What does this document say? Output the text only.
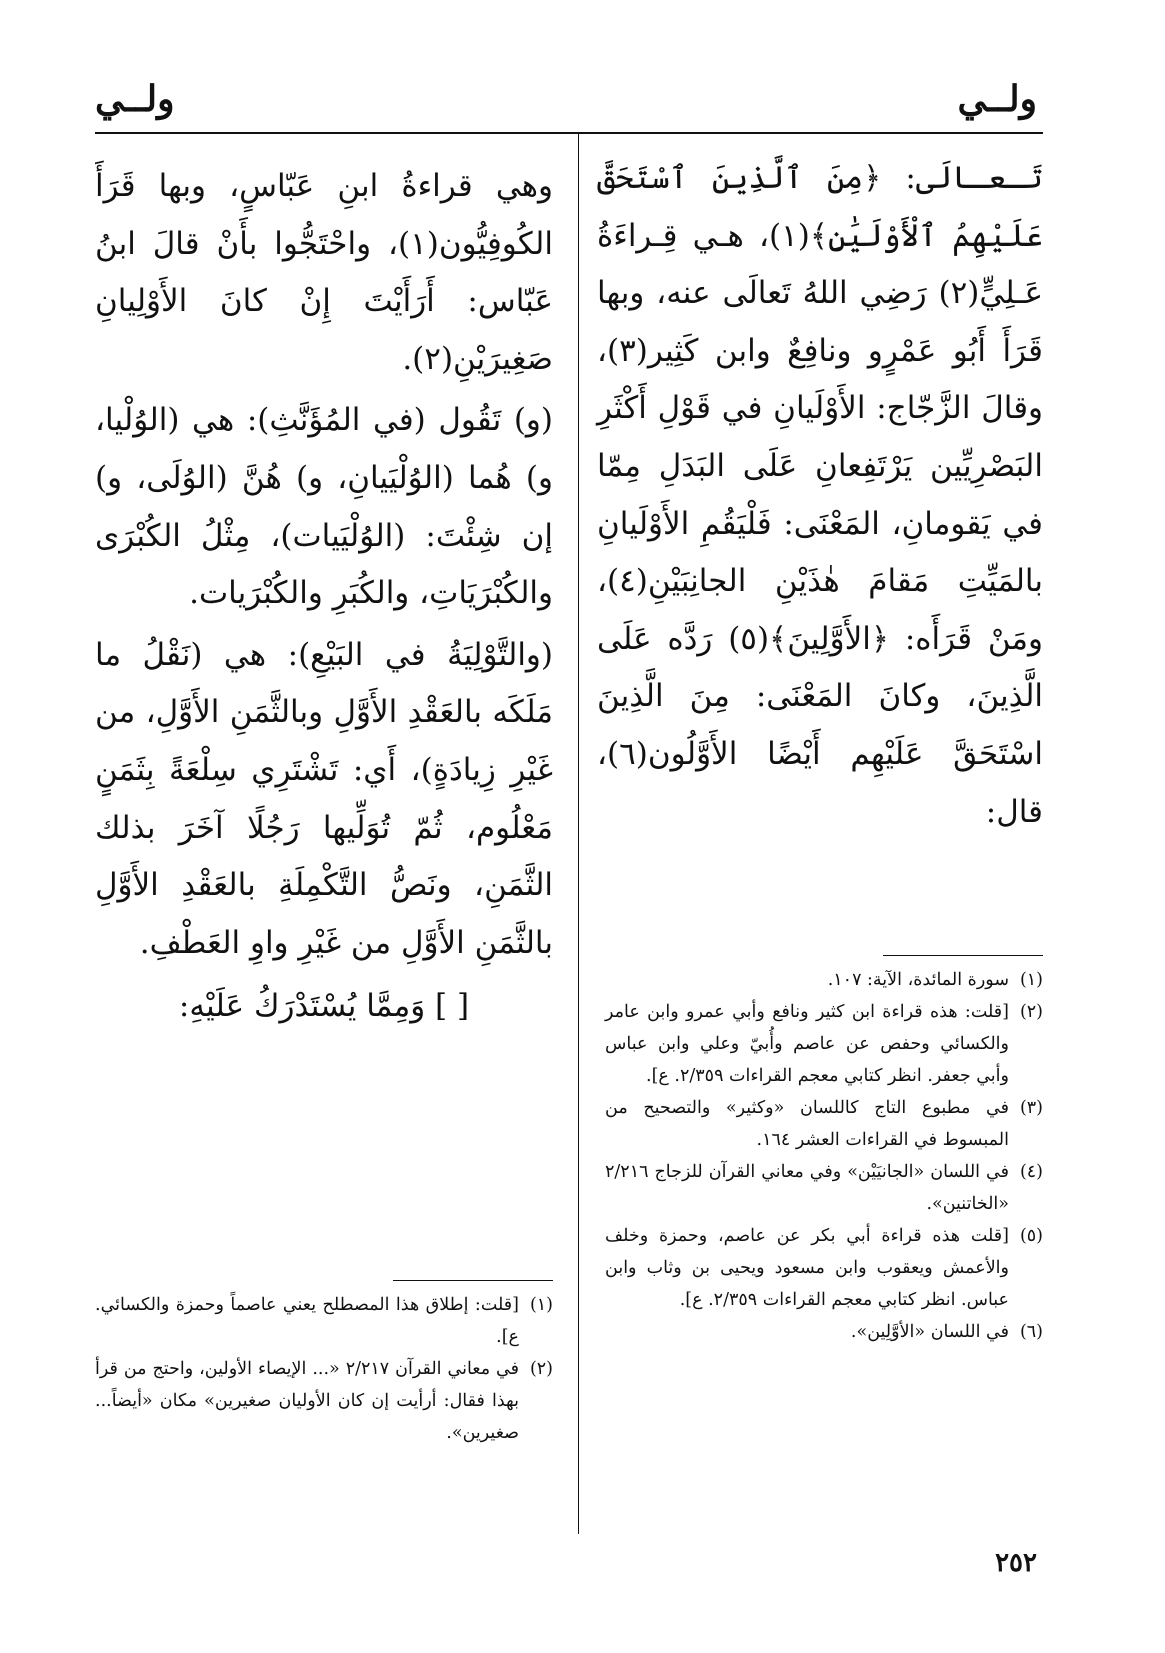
ولــي
ولــي

تَـعـالَى: ﴿مِنَ ٱلَّذِينَ ٱسْتَحَقَّ عَلَيْهِمُ ٱلْأَوْلَيَٰنِ﴾(١)، هـي قِـراءَةُ عَـلِيٍّ(٢) رَضِي اللهُ تَعالَى عنه، وبها قَرَأَ أَبُو عَمْرٍو ونافِعٌ وابن كَثِير(٣)، وقالَ الزَّجّاج: الأَوْلَيانِ في قَوْلِ أَكْثَرِ البَصْرِيِّين يَرْتَفِعانِ عَلَى البَدَلِ مِمّا في يَقومانِ، المَعْنَى: فَلْيَقُمِ الأَوْلَيانِ بالمَيِّتِ مَقامَ هٰذَيْنِ الجانِبَيْنِ(٤)، ومَنْ قَرَأَه: ﴿الأَوَّلِينَ﴾(٥) رَدَّه عَلَى الَّذِينَ، وكانَ المَعْنَى: مِنَ الَّذِينَ اسْتَحَقَّ عَلَيْهِم أَيْضًا الأَوَّلُون(٦)، قال:

(١)
سورة المائدة، الآية: ١٠٧.
(٢)
[قلت: هذه قراءة ابن كثير ونافع وأبي عمرو وابن عامر والكسائي وحفص عن عاصم وأُبيّ وعلي وابن عباس وأبي جعفر. انظر كتابي معجم القراءات ٢/٣٥٩. ع].
(٣)
في مطبوع التاج كاللسان «وكثير» والتصحيح من المبسوط في القراءات العشر ١٦٤.
(٤)
في اللسان «الجانيَيْن» وفي معاني القرآن للزجاج ٢/٢١٦ «الخاتنين».
(٥)
[قلت هذه قراءة أبي بكر عن عاصم، وحمزة وخلف والأعمش ويعقوب وابن مسعود ويحيى بن وثاب وابن عباس. انظر كتابي معجم القراءات ٢/٣٥٩. ع].
(٦)
في اللسان «الأوَّلِين».

وهي قراءةُ ابنِ عَبّاسٍ، وبها قَرَأَ الكُوفِيُّون(١)، واحْتَجُّوا بأَنْ قالَ ابنُ عَبّاس: أَرَأَيْتَ إِنْ كانَ الأَوْلِيانِ صَغِيرَيْنِ(٢).

(و) تَقُول (في المُؤَنَّثِ): هي (الوُلْيا، و) هُما (الوُلْيَيانِ، و) هُنَّ (الوُلَى، و) إن شِئْتَ: (الوُلْيَيات)، مِثْلُ الكُبْرَى والكُبْرَيَاتِ، والكُبَرِ والكُبْرَيات.

(والتَّوْلِيَةُ في البَيْعِ): هي (نَقْلُ ما مَلَكَه بالعَقْدِ الأَوَّلِ وبالثَّمَنِ الأَوَّلِ، من غَيْرِ زِيادَةٍ)، أَي: تَشْتَرِي سِلْعَةً بِثَمَنٍ مَعْلُوم، ثُمّ تُوَلِّيها رَجُلًا آخَرَ بذلك الثَّمَنِ، ونَصُّ التَّكْمِلَةِ بالعَقْدِ الأَوَّلِ بالثَّمَنِ الأَوَّلِ من غَيْرِ واوِ العَطْفِ.

[ ] وَمِمَّا يُسْتَدْرَكُ عَلَيْهِ:
(١)
[قلت: إطلاق هذا المصطلح يعني عاصماً وحمزة والكسائي. ع].
(٢)
في معاني القرآن ٢/٢١٧ «... الإيصاء الأولين، واحتج من قرأ بهذا فقال: أرأيت إن كان الأوليان صغيرين» مكان «أيضاً... صغيرين».
٢٥٢
